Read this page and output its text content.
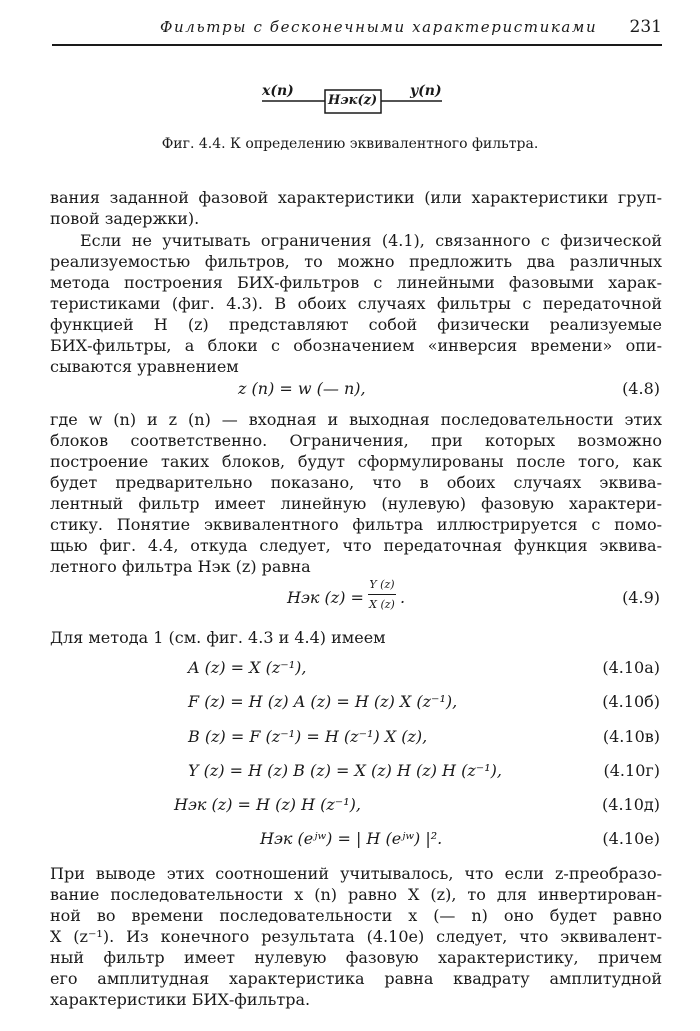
Фильтры с бесконечными характеристиками 231
x(n)
Hэк(z)
y(n)
Фиг. 4.4. К определению эквивалентного фильтра.
вания заданной фазовой характеристики (или характеристики груп-
повой задержки).
Если не учитывать ограничения (4.1), связанного с физической
реализуемостью фильтров, то можно предложить два различных
метода построения БИХ-фильтров с линейными фазовыми харак-
теристиками (фиг. 4.3). В обоих случаях фильтры с передаточной
функцией H (z) представляют собой физически реализуемые
БИХ-фильтры, а блоки с обозначением «инверсия времени» опи-
сываются уравнением
z (n) = w (— n),	(4.8)
где w (n) и z (n) — входная и выходная последовательности этих
блоков соответственно. Ограничения, при которых возможно
построение таких блоков, будут сформулированы после того, как
будет предварительно показано, что в обоих случаях эквива-
лентный фильтр имеет линейную (нулевую) фазовую характери-
стику. Понятие эквивалентного фильтра иллюстрируется с помо-
щью фиг. 4.4, откуда следует, что передаточная функция эквива-
летного фильтра Hэк (z) равна
Hэк (z) =
Y (z)
X (z) .	(4.9)
Для метода 1 (см. фиг. 4.3 и 4.4) имеем
A (z) = X (z⁻¹),	(4.10а)
F (z) = H (z) A (z) = H (z) X (z⁻¹),	(4.10б)
B (z) = F (z⁻¹) = H (z⁻¹) X (z),	(4.10в)
Y (z) = H (z) B (z) = X (z) H (z) H (z⁻¹),	(4.10г)
Hэк (z) = H (z) H (z⁻¹),	(4.10д)
Hэк (eʲʷ) = | H (eʲʷ) |².	(4.10е)
При выводе этих соотношений учитывалось, что если z-преобразо-
вание последовательности x (n) равно X (z), то для инвертирован-
ной во времени последовательности x (— n) оно будет равно
X (z⁻¹). Из конечного результата (4.10е) следует, что эквивалент-
ный фильтр имеет нулевую фазовую характеристику, причем
его амплитудная характеристика равна квадрату амплитудной
характеристики БИХ-фильтра.
